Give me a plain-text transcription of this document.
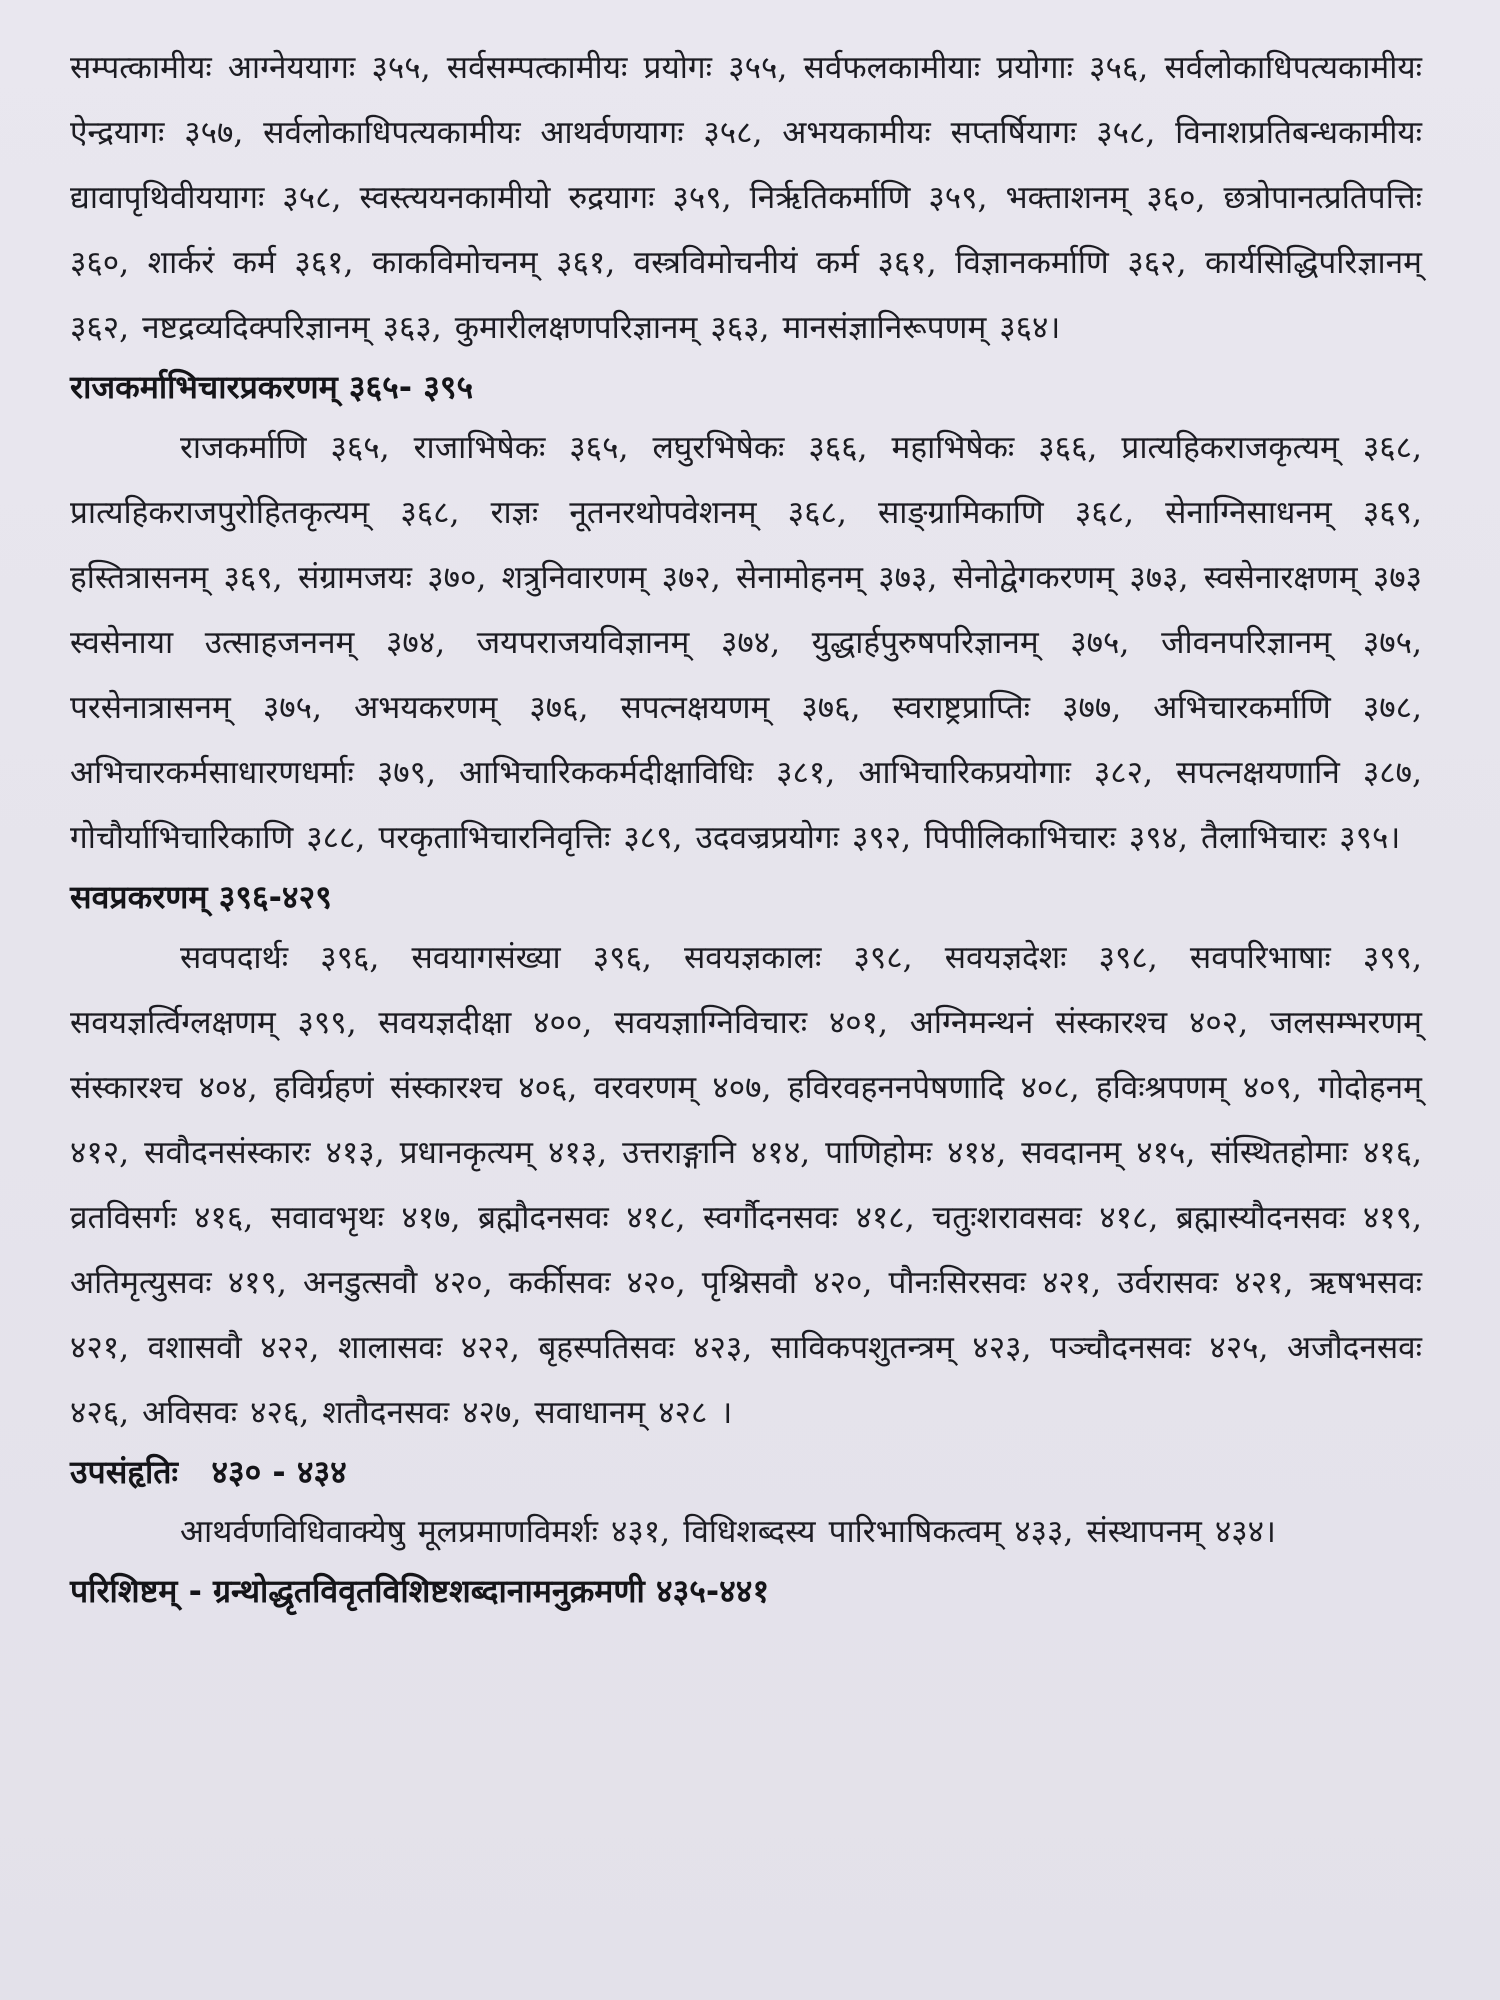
सम्पत्कामीयः आग्नेययागः ३५५, सर्वसम्पत्कामीयः प्रयोगः ३५५, सर्वफलकामीयाः प्रयोगाः ३५६, सर्वलोकाधिपत्यकामीयः ऐन्द्रयागः ३५७, सर्वलोकाधिपत्यकामीयः आथर्वणयागः ३५८, अभयकामीयः सप्तर्षियागः ३५८, विनाशप्रतिबन्धकामीयः द्यावापृथिवीययागः ३५८, स्वस्त्ययनकामीयो रुद्रयागः ३५९, निर्ऋतिकर्माणि ३५९, भक्ताशनम् ३६०, छत्रोपानत्प्रतिपत्तिः ३६०, शार्करं कर्म ३६१, काकविमोचनम् ३६१, वस्त्रविमोचनीयं कर्म ३६१, विज्ञानकर्माणि ३६२, कार्यसिद्धिपरिज्ञानम् ३६२, नष्टद्रव्यदिक्परिज्ञानम् ३६३, कुमारीलक्षणपरिज्ञानम् ३६३, मानसंज्ञानिरूपणम् ३६४।
राजकर्माभिचारप्रकरणम् ३६५- ३९५
राजकर्माणि ३६५, राजाभिषेकः ३६५, लघुरभिषेकः ३६६, महाभिषेकः ३६६, प्रात्यहिकराजकृत्यम् ३६८, प्रात्यहिकराजपुरोहितकृत्यम् ३६८, राज्ञः नूतनरथोपवेशनम् ३६८, साङ्ग्रामिकाणि ३६८, सेनाग्निसाधनम् ३६९, हस्तित्रासनम् ३६९, संग्रामजयः ३७०, शत्रुनिवारणम् ३७२, सेनामोहनम् ३७३, सेनोद्वेगकरणम् ३७३, स्वसेनारक्षणम् ३७३ स्वसेनाया उत्साहजननम् ३७४, जयपराजयविज्ञानम् ३७४, युद्धार्हपुरुषपरिज्ञानम् ३७५, जीवनपरिज्ञानम् ३७५, परसेनात्रासनम् ३७५, अभयकरणम् ३७६, सपत्नक्षयणम् ३७६, स्वराष्ट्रप्राप्तिः ३७७, अभिचारकर्माणि ३७८, अभिचारकर्मसाधारणधर्माः ३७९, आभिचारिककर्मदीक्षाविधिः ३८१, आभिचारिकप्रयोगाः ३८२, सपत्नक्षयणानि ३८७, गोचौर्याभिचारिकाणि ३८८, परकृताभिचारनिवृत्तिः ३८९, उदवज्रप्रयोगः ३९२, पिपीलिकाभिचारः ३९४, तैलाभिचारः ३९५।
सवप्रकरणम् ३९६-४२९
सवपदार्थः ३९६, सवयागसंख्या ३९६, सवयज्ञकालः ३९८, सवयज्ञदेशः ३९८, सवपरिभाषाः ३९९, सवयज्ञर्त्विग्लक्षणम् ३९९, सवयज्ञदीक्षा ४००, सवयज्ञाग्निविचारः ४०१, अग्निमन्थनं संस्कारश्च ४०२, जलसम्भरणम् संस्कारश्च ४०४, हविर्ग्रहणं संस्कारश्च ४०६, वरवरणम् ४०७, हविरवहननपेषणादि ४०८, हविःश्रपणम् ४०९, गोदोहनम् ४१२, सवौदनसंस्कारः ४१३, प्रधानकृत्यम् ४१३, उत्तराङ्गानि ४१४, पाणिहोमः ४१४, सवदानम् ४१५, संस्थितहोमाः ४१६, व्रतविसर्गः ४१६, सवावभृथः ४१७, ब्रह्मौदनसवः ४१८, स्वर्गौदनसवः ४१८, चतुःशरावसवः ४१८, ब्रह्मास्यौदनसवः ४१९, अतिमृत्युसवः ४१९, अनडुत्सवौ ४२०, कर्कीसवः ४२०, पृश्निसवौ ४२०, पौनःसिरसवः ४२१, उर्वरासवः ४२१, ऋषभसवः ४२१, वशासवौ ४२२, शालासवः ४२२, बृहस्पतिसवः ४२३, साविकपशुतन्त्रम् ४२३, पञ्चौदनसवः ४२५, अजौदनसवः ४२६, अविसवः ४२६, शतौदनसवः ४२७, सवाधानम् ४२८ ।
उपसंहृतिः   ४३० - ४३४
आथर्वणविधिवाक्येषु मूलप्रमाणविमर्शः ४३१, विधिशब्दस्य पारिभाषिकत्वम् ४३३, संस्थापनम् ४३४।
परिशिष्टम् - ग्रन्थोद्धृतविवृतविशिष्टशब्दानामनुक्रमणी ४३५-४४१
